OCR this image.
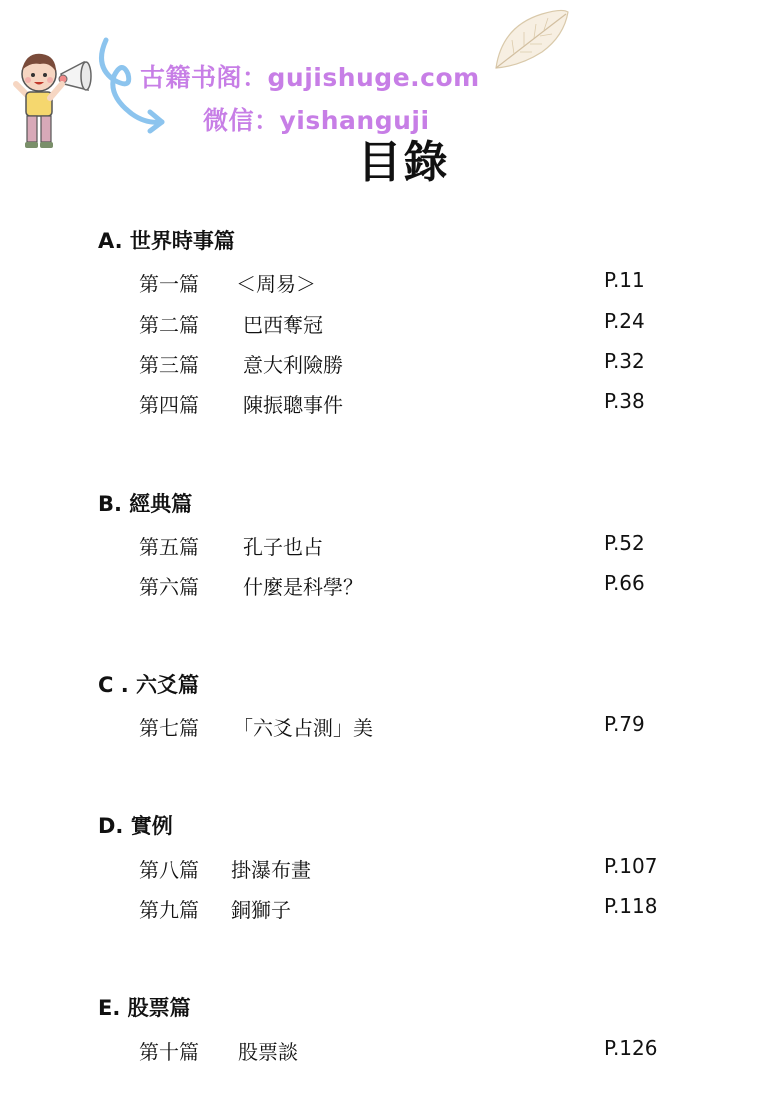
古籍书阁：gujishuge.com
微信：yishanguji
目錄
A. 世界時事篇
第一篇 ＜周易＞	P.11
第二篇 巴西奪冠	P.24
第三篇 意大利險勝	P.32
第四篇 陳振聰事件	P.38
B. 經典篇
第五篇 孔子也占	P.52
第六篇 什麼是科學？	P.66
C . 六爻篇
第七篇 「六爻占測」美	P.79
D. 實例
第八篇 掛瀑布畫	P.107
第九篇 銅獅子	P.118
E. 股票篇
第十篇 股票談	P.126
